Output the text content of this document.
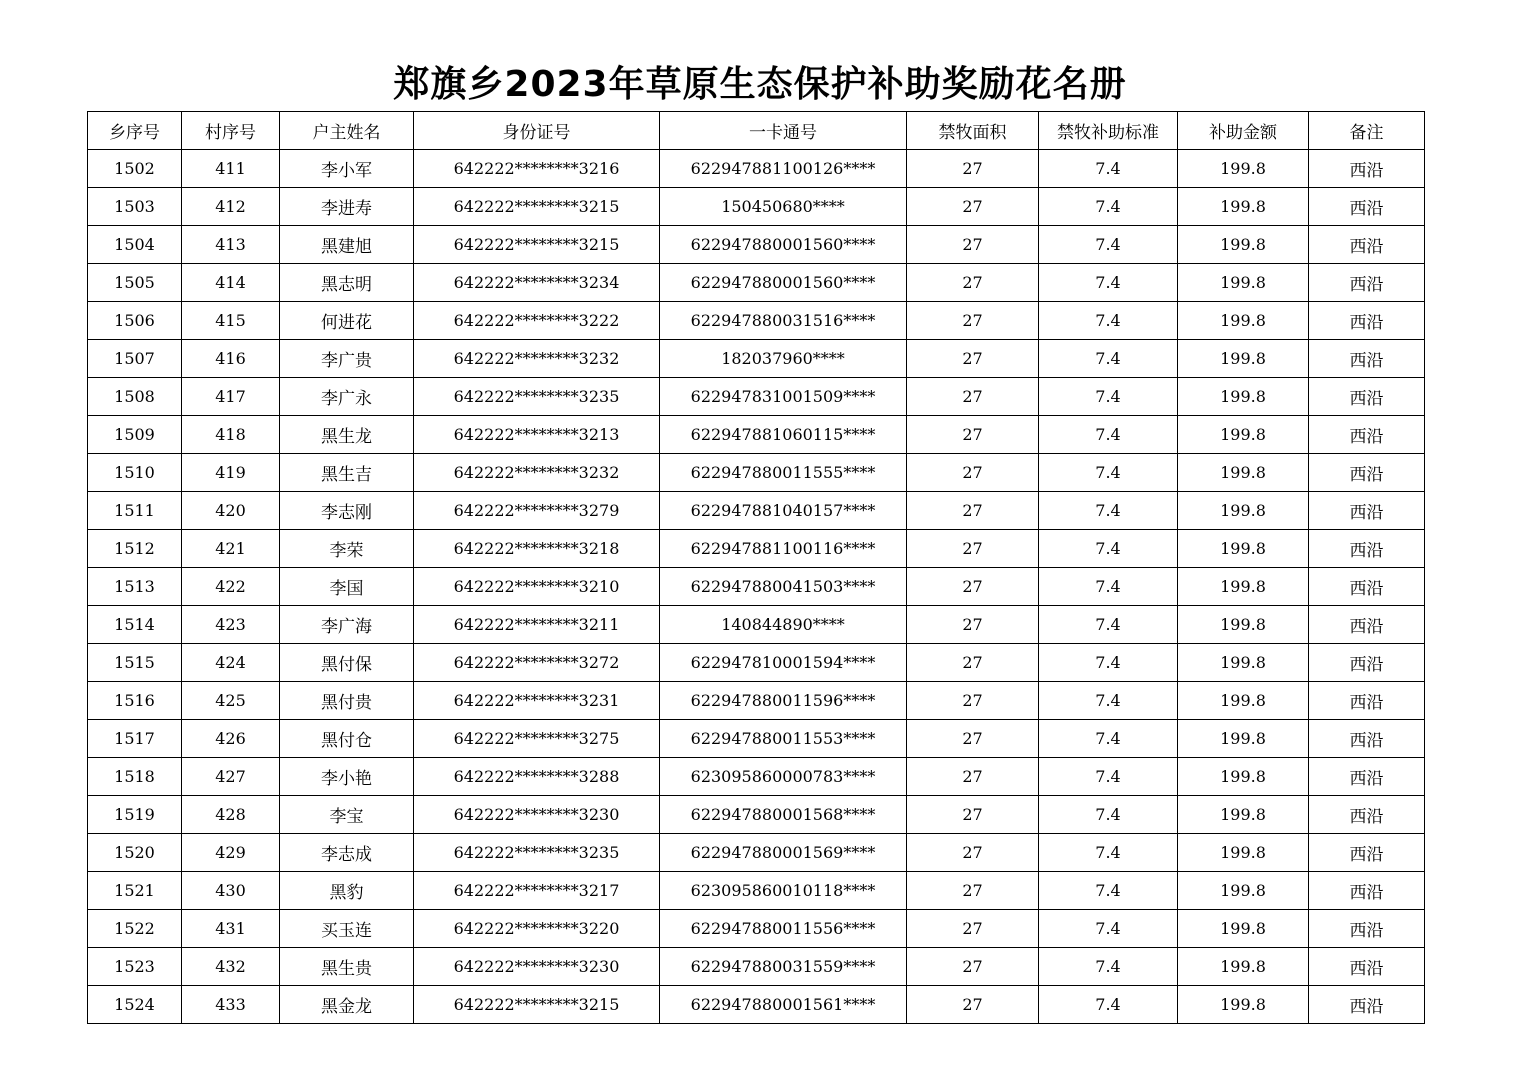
郑旗乡2023年草原生态保护补助奖励花名册
乡序号	村序号	户主姓名	身份证号	一卡通号	禁牧面积	禁牧补助标准	补助金额	备注
1502	411	李小军	642222********3216	622947881100126****	27	7.4	199.8	西沿
1503	412	李进寿	642222********3215	150450680****	27	7.4	199.8	西沿
1504	413	黑建旭	642222********3215	622947880001560****	27	7.4	199.8	西沿
1505	414	黑志明	642222********3234	622947880001560****	27	7.4	199.8	西沿
1506	415	何进花	642222********3222	622947880031516****	27	7.4	199.8	西沿
1507	416	李广贵	642222********3232	182037960****	27	7.4	199.8	西沿
1508	417	李广永	642222********3235	622947831001509****	27	7.4	199.8	西沿
1509	418	黑生龙	642222********3213	622947881060115****	27	7.4	199.8	西沿
1510	419	黑生吉	642222********3232	622947880011555****	27	7.4	199.8	西沿
1511	420	李志刚	642222********3279	622947881040157****	27	7.4	199.8	西沿
1512	421	李荣	642222********3218	622947881100116****	27	7.4	199.8	西沿
1513	422	李国	642222********3210	622947880041503****	27	7.4	199.8	西沿
1514	423	李广海	642222********3211	140844890****	27	7.4	199.8	西沿
1515	424	黑付保	642222********3272	622947810001594****	27	7.4	199.8	西沿
1516	425	黑付贵	642222********3231	622947880011596****	27	7.4	199.8	西沿
1517	426	黑付仓	642222********3275	622947880011553****	27	7.4	199.8	西沿
1518	427	李小艳	642222********3288	623095860000783****	27	7.4	199.8	西沿
1519	428	李宝	642222********3230	622947880001568****	27	7.4	199.8	西沿
1520	429	李志成	642222********3235	622947880001569****	27	7.4	199.8	西沿
1521	430	黑豹	642222********3217	623095860010118****	27	7.4	199.8	西沿
1522	431	买玉连	642222********3220	622947880011556****	27	7.4	199.8	西沿
1523	432	黑生贵	642222********3230	622947880031559****	27	7.4	199.8	西沿
1524	433	黑金龙	642222********3215	622947880001561****	27	7.4	199.8	西沿
